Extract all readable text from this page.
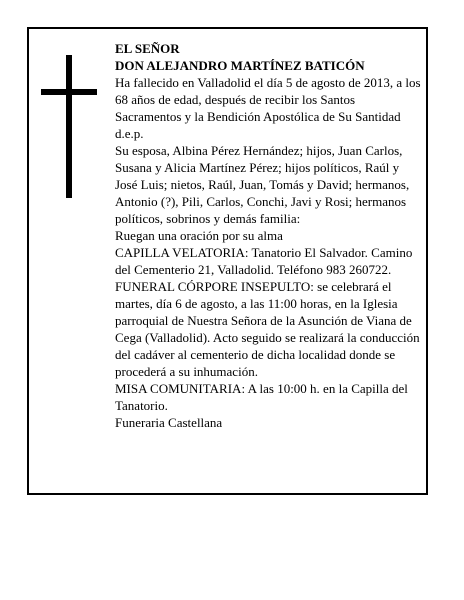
EL SEÑOR

DON ALEJANDRO MARTÍNEZ BATICÓN

Ha fallecido en Valladolid el día 5 de agosto de 2013, a los 68 años de edad, después de recibir los Santos Sacramentos y la Bendición Apostólica de Su Santidad d.e.p.

Su esposa, Albina Pérez Hernández; hijos, Juan Carlos, Susana y Alicia Martínez Pérez; hijos políticos, Raúl y José Luis; nietos, Raúl, Juan, Tomás y David; hermanos, Antonio (?), Pili, Carlos, Conchi, Javi y Rosi; hermanos políticos, sobrinos y demás familia:

Ruegan una oración por su alma

CAPILLA VELATORIA: Tanatorio El Salvador. Camino del Cementerio 21, Valladolid. Teléfono 983 260722.

FUNERAL CÓRPORE INSEPULTO: se celebrará el martes, día 6 de agosto, a las 11:00 horas, en la Iglesia parroquial de Nuestra Señora de la Asunción de Viana de Cega (Valladolid). Acto seguido se realizará la conducción del cadáver al cementerio de dicha localidad donde se procederá a su inhumación.

MISA COMUNITARIA: A las 10:00 h. en la Capilla del Tanatorio.

Funeraria Castellana
